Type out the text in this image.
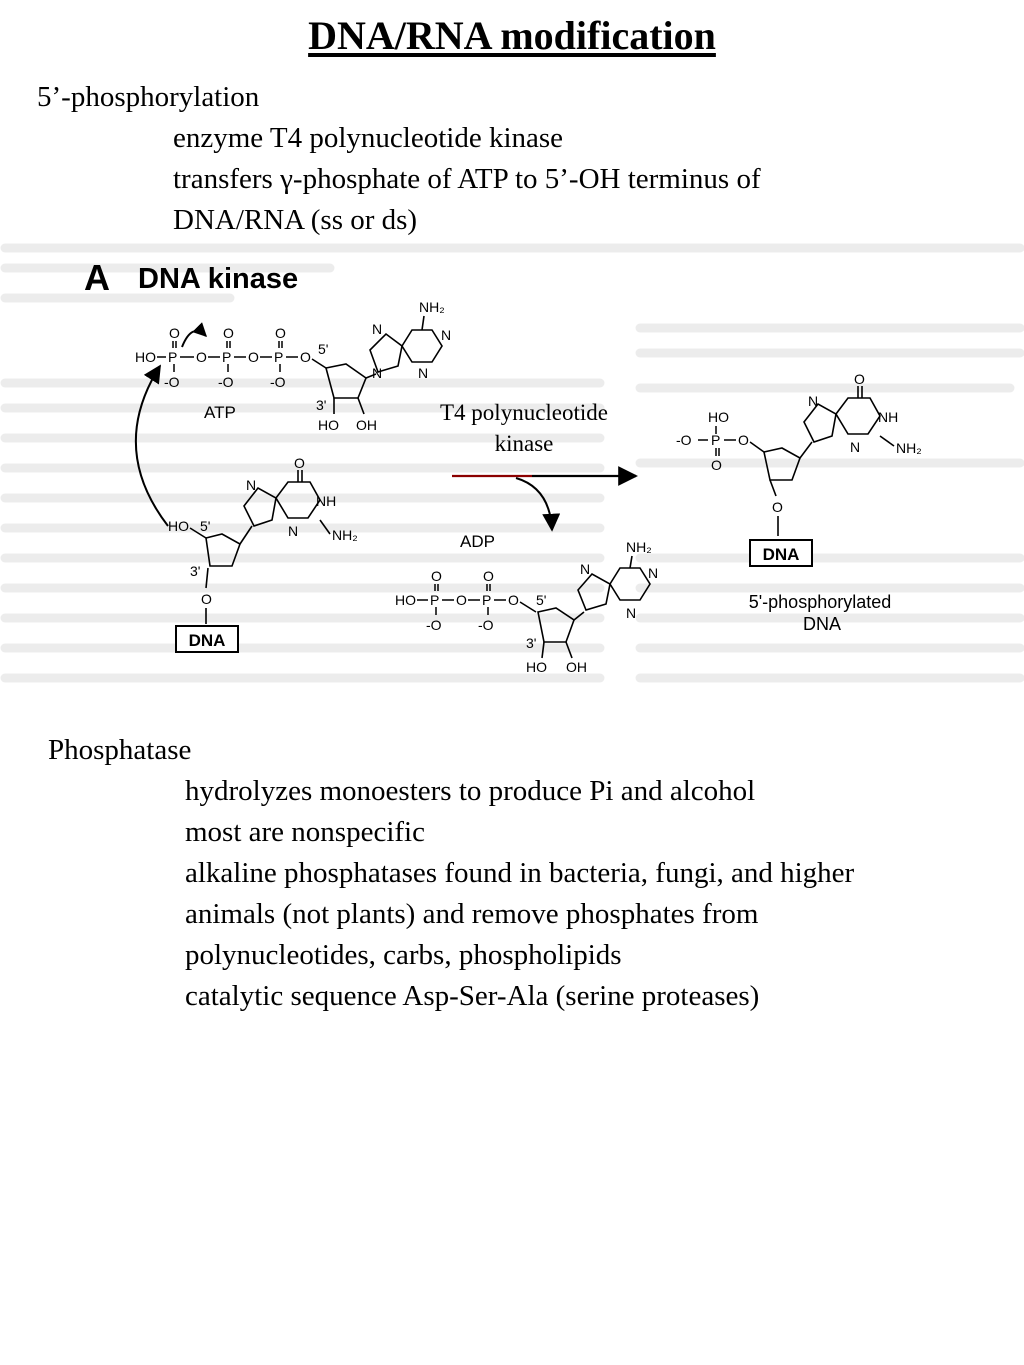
DNA/RNA modification
5’-phosphorylation
enzyme T4 polynucleotide kinase
transfers γ-phosphate of ATP to 5’-OH terminus of
DNA/RNA (ss or ds)
A DNA kinase
HO P
O
-O
O P
O
-O
O P
O
-O
O 5'
3'
HO OH
NH₂
N
N
N
N
ATP
HO 5'
3'
O
O
N
NH
N NH₂
DNA
T4 polynucleotide
kinase
ADP
HO P
O
-O
O P
O
-O
O 5'
3'
HO OH
NH₂
N	N
N
HO
-O P
O
O
O
O
N
NH
N	NH₂
DNA
5'-phosphorylated
DNA
Phosphatase
hydrolyzes monoesters to produce Pi and alcohol
most are nonspecific
alkaline phosphatases found in bacteria, fungi, and higher
animals (not plants) and remove phosphates from
polynucleotides, carbs, phospholipids
catalytic sequence Asp-Ser-Ala (serine proteases)
